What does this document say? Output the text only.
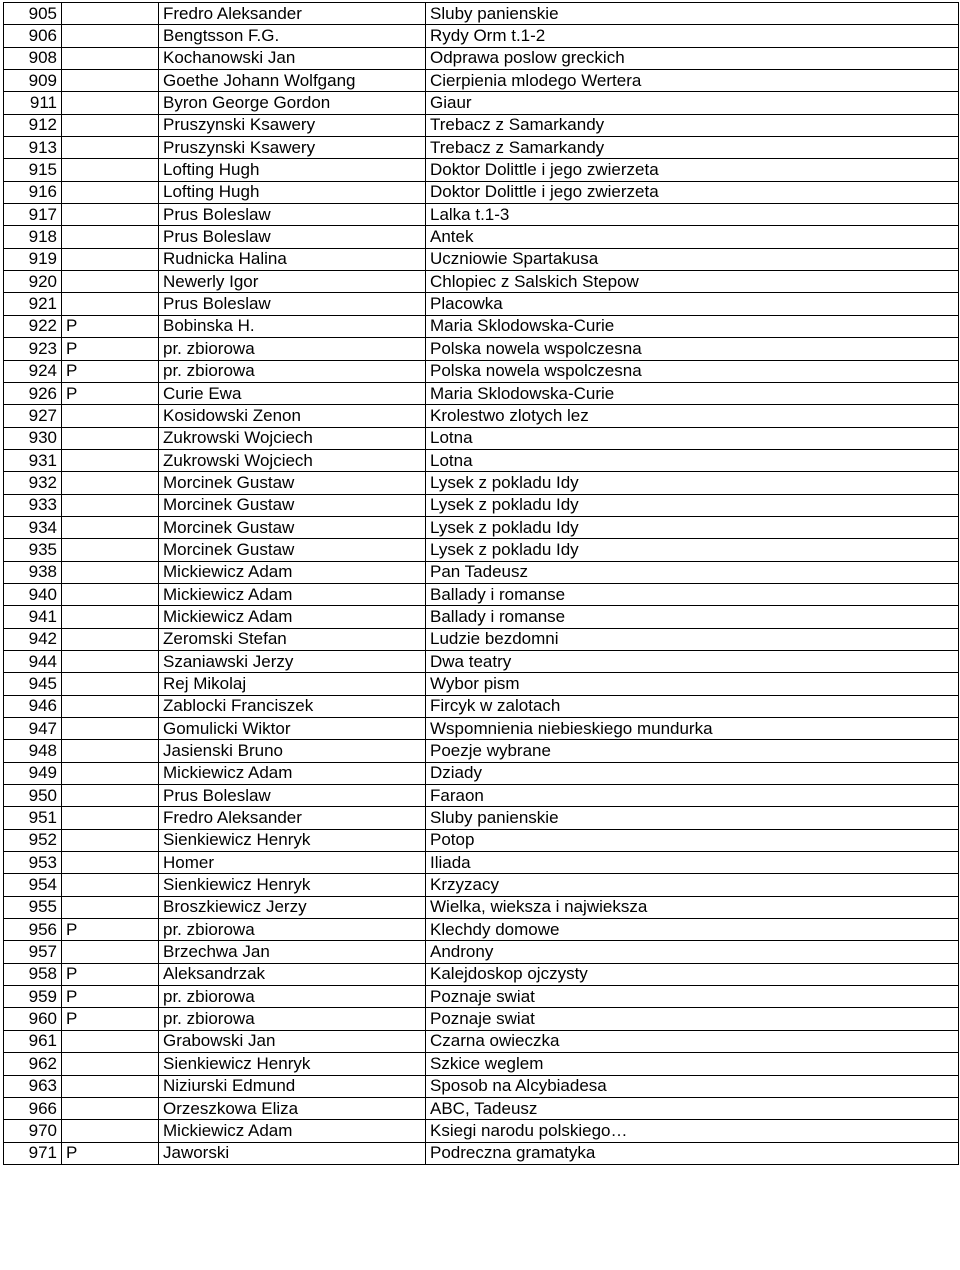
905		Fredro Aleksander	Sluby panienskie
906		Bengtsson F.G.	Rydy Orm t.1-2
908		Kochanowski Jan	Odprawa poslow greckich
909		Goethe Johann Wolfgang	Cierpienia mlodego Wertera
911		Byron George Gordon	Giaur
912		Pruszynski Ksawery	Trebacz z Samarkandy
913		Pruszynski Ksawery	Trebacz z Samarkandy
915		Lofting Hugh	Doktor Dolittle i jego zwierzeta
916		Lofting Hugh	Doktor Dolittle i jego zwierzeta
917		Prus Boleslaw	Lalka t.1-3
918		Prus Boleslaw	Antek
919		Rudnicka Halina	Uczniowie Spartakusa
920		Newerly Igor	Chlopiec z Salskich Stepow
921		Prus Boleslaw	Placowka
922	P	Bobinska H.	Maria Sklodowska-Curie
923	P	pr. zbiorowa	Polska nowela wspolczesna
924	P	pr. zbiorowa	Polska nowela wspolczesna
926	P	Curie Ewa	Maria Sklodowska-Curie
927		Kosidowski Zenon	Krolestwo zlotych lez
930		Zukrowski Wojciech	Lotna
931		Zukrowski Wojciech	Lotna
932		Morcinek Gustaw	Lysek z pokladu Idy
933		Morcinek Gustaw	Lysek z pokladu Idy
934		Morcinek Gustaw	Lysek z pokladu Idy
935		Morcinek Gustaw	Lysek z pokladu Idy
938		Mickiewicz Adam	Pan Tadeusz
940		Mickiewicz Adam	Ballady i romanse
941		Mickiewicz Adam	Ballady i romanse
942		Zeromski Stefan	Ludzie bezdomni
944		Szaniawski Jerzy	Dwa teatry
945		Rej Mikolaj	Wybor pism
946		Zablocki Franciszek	Fircyk w zalotach
947		Gomulicki Wiktor	Wspomnienia niebieskiego mundurka
948		Jasienski Bruno	Poezje wybrane
949		Mickiewicz Adam	Dziady
950		Prus Boleslaw	Faraon
951		Fredro Aleksander	Sluby panienskie
952		Sienkiewicz Henryk	Potop
953		Homer	Iliada
954		Sienkiewicz Henryk	Krzyzacy
955		Broszkiewicz Jerzy	Wielka, wieksza i najwieksza
956	P	pr. zbiorowa	Klechdy domowe
957		Brzechwa Jan	Androny
958	P	Aleksandrzak	Kalejdoskop ojczysty
959	P	pr. zbiorowa	Poznaje swiat
960	P	pr. zbiorowa	Poznaje swiat
961		Grabowski Jan	Czarna owieczka
962		Sienkiewicz Henryk	Szkice weglem
963		Niziurski Edmund	Sposob na Alcybiadesa
966		Orzeszkowa Eliza	ABC, Tadeusz
970		Mickiewicz Adam	Ksiegi narodu polskiego…
971	P	Jaworski	Podreczna gramatyka
